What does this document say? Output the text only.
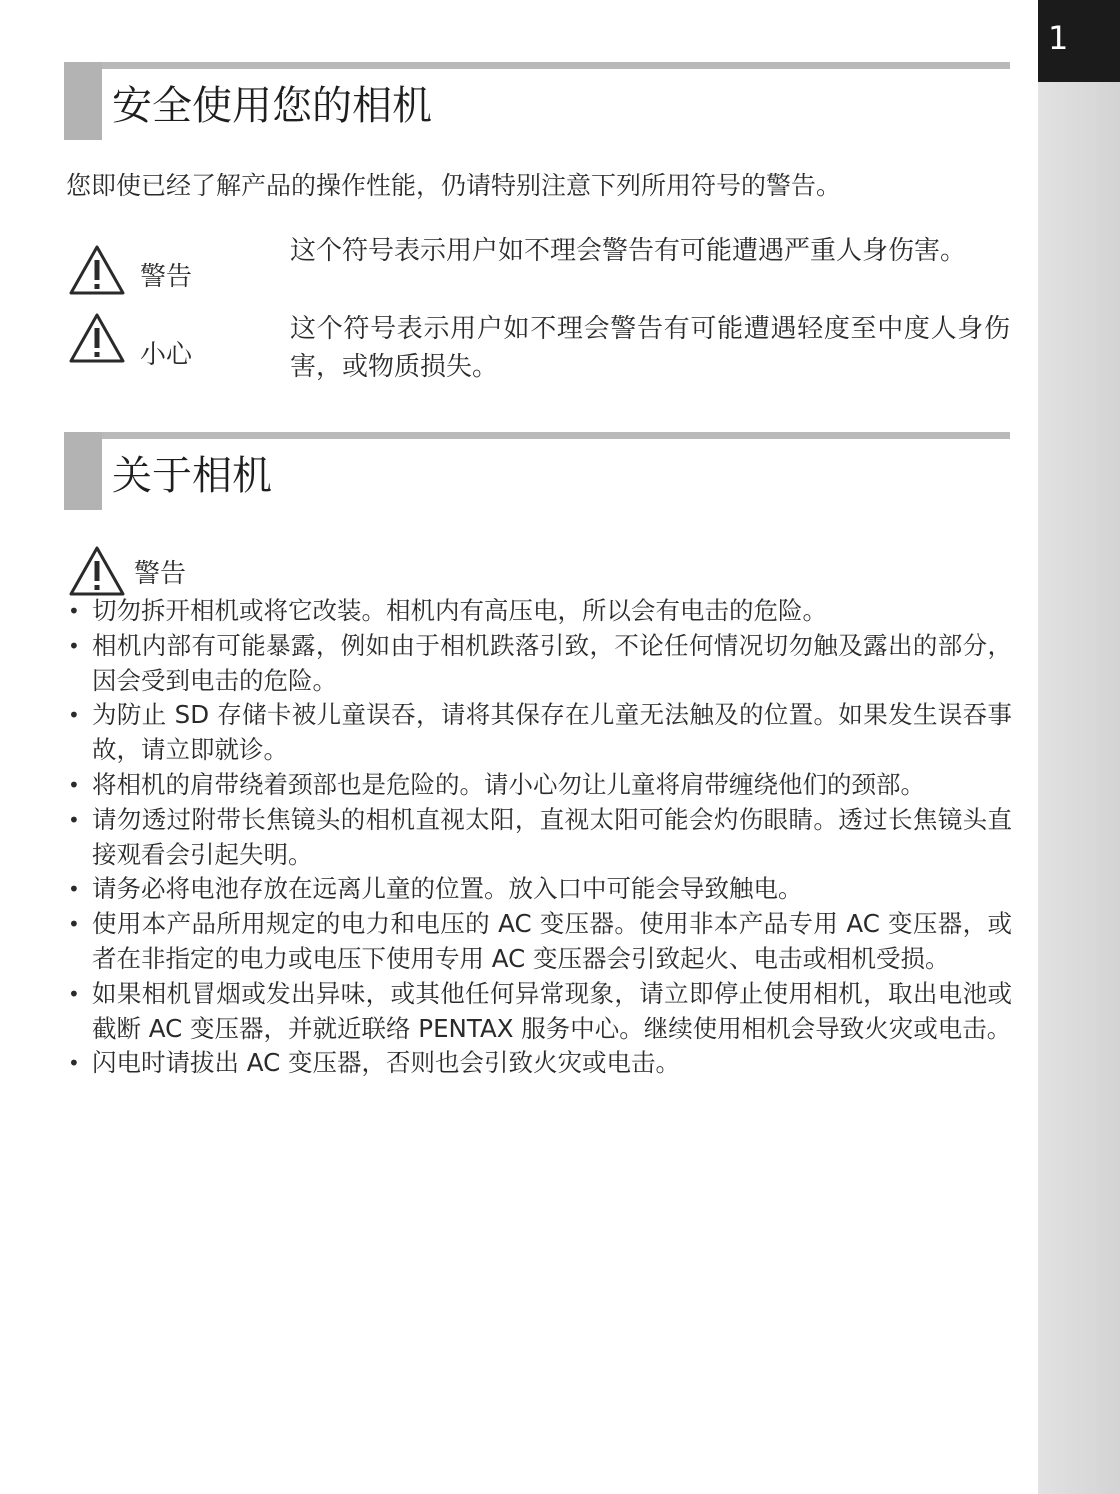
1
安全使用您的相机
您即使已经了解产品的操作性能，仍请特别注意下列所用符号的警告。
警告
这个符号表示用户如不理会警告有可能遭遇严重人身伤害。
小心
这个符号表示用户如不理会警告有可能遭遇轻度至中度人身伤害，或物质损失。
关于相机
警告
• 切勿拆开相机或将它改装。相机内有高压电，所以会有电击的危险。
• 相机内部有可能暴露，例如由于相机跌落引致，不论任何情况切勿触及露出的部分，因会受到电击的危险。
• 为防止 SD 存储卡被儿童误吞，请将其保存在儿童无法触及的位置。如果发生误吞事故，请立即就诊。
• 将相机的肩带绕着颈部也是危险的。请小心勿让儿童将肩带缠绕他们的颈部。
• 请勿透过附带长焦镜头的相机直视太阳，直视太阳可能会灼伤眼睛。透过长焦镜头直接观看会引起失明。
• 请务必将电池存放在远离儿童的位置。放入口中可能会导致触电。
• 使用本产品所用规定的电力和电压的 AC 变压器。使用非本产品专用 AC 变压器，或者在非指定的电力或电压下使用专用 AC 变压器会引致起火、电击或相机受损。
• 如果相机冒烟或发出异味，或其他任何异常现象，请立即停止使用相机，取出电池或截断 AC 变压器，并就近联络 PENTAX 服务中心。继续使用相机会导致火灾或电击。
• 闪电时请拔出 AC 变压器，否则也会引致火灾或电击。
